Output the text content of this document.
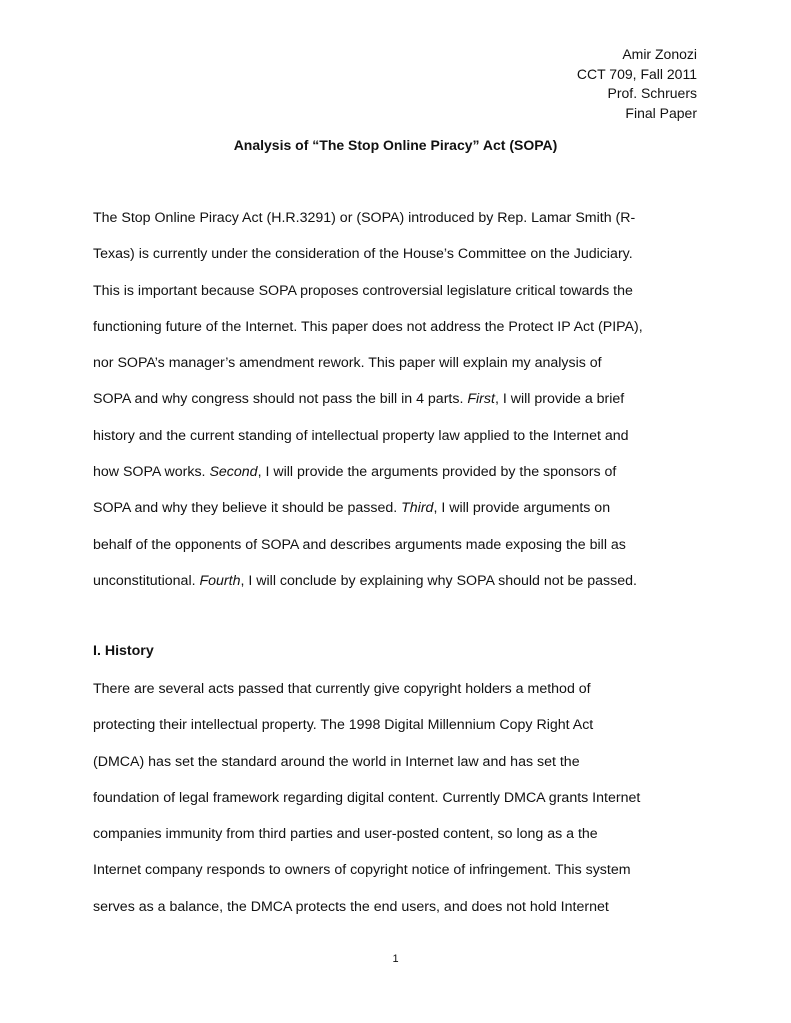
Amir Zonozi
CCT 709, Fall 2011
Prof. Schruers
Final Paper
Analysis of “The Stop Online Piracy” Act (SOPA)
The Stop Online Piracy Act (H.R.3291) or (SOPA) introduced by Rep. Lamar Smith (R-
Texas) is currently under the consideration of the House’s Committee on the Judiciary.
This is important because SOPA proposes controversial legislature critical towards the
functioning future of the Internet. This paper does not address the Protect IP Act (PIPA),
nor SOPA’s manager’s amendment rework. This paper will explain my analysis of
SOPA and why congress should not pass the bill in 4 parts. First, I will provide a brief
history and the current standing of intellectual property law applied to the Internet and
how SOPA works. Second, I will provide the arguments provided by the sponsors of
SOPA and why they believe it should be passed. Third, I will provide arguments on
behalf of the opponents of SOPA and describes arguments made exposing the bill as
unconstitutional. Fourth, I will conclude by explaining why SOPA should not be passed.
I. History
There are several acts passed that currently give copyright holders a method of
protecting their intellectual property. The 1998 Digital Millennium Copy Right Act
(DMCA) has set the standard around the world in Internet law and has set the
foundation of legal framework regarding digital content. Currently DMCA grants Internet
companies immunity from third parties and user-posted content, so long as a the
Internet company responds to owners of copyright notice of infringement. This system
serves as a balance, the DMCA protects the end users, and does not hold Internet
1
